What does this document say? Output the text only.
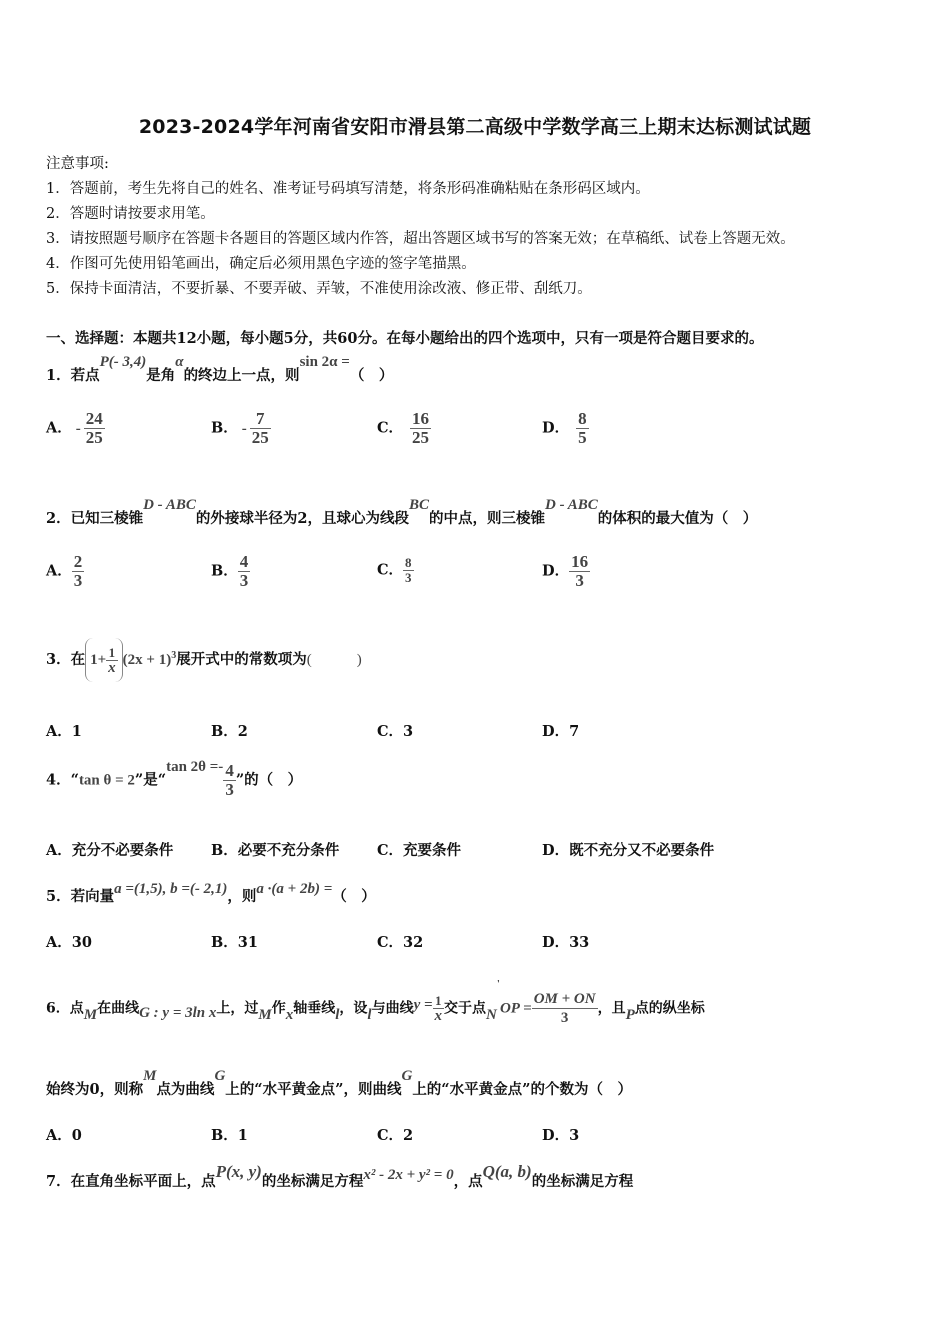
2023-2024学年河南省安阳市滑县第二高级中学数学高三上期末达标测试试题
注意事项:
1．答题前，考生先将自己的姓名、准考证号码填写清楚，将条形码准确粘贴在条形码区域内。
2．答题时请按要求用笔。
3．请按照题号顺序在答题卡各题目的答题区域内作答，超出答题区域书写的答案无效；在草稿纸、试卷上答题无效。
4．作图可先使用铅笔画出，确定后必须用黑色字迹的签字笔描黑。
5．保持卡面清洁，不要折暴、不要弄破、弄皱，不准使用涂改液、修正带、刮纸刀。
一、选择题：本题共12小题，每小题5分，共60分。在每小题给出的四个选项中，只有一项是符合题目要求的。
1．若点P(- 3,4)是角α的终边上一点，则sin 2α =（　）
A． - $\frac{24}{25}$	B． - $\frac{7}{25}$	C． $\frac{16}{25}$	D． $\frac{8}{5}$
2．已知三棱锥D - ABC的外接球半径为2，且球心为线段BC的中点，则三棱锥D - ABC的体积的最大值为（　）
A． $\frac{2}{3}$	B． $\frac{4}{3}$	C． $\frac{8}{3}$	D． $\frac{16}{3}$
3．在 $1+ \frac{1}{x} (2x + 1)^3$展开式中的常数项为(　　　)
A．1	B．2	C．3	D．7
4．“tan θ = 2”是“tan $2\theta =- \frac{4}{3}$ ”的（　）
A．充分不必要条件	B．必要不充分条件	C．充要条件	D．既不充分又不必要条件
5．若向量a =(1,5), b =(- 2,1)，则a ·(a + 2b) =（　）
A．30	B．31	C．32	D．33
6．点M在曲线G : y = 3ln x上，过M作x轴垂线l，设l与曲线$y = \frac{1}{x}$ 交于点$N'OP = \frac{OM + ON}{3}$ ，且P点的纵坐标
始终为0，则称M点为曲线G上的“水平黄金点”，则曲线G上的“水平黄金点”的个数为（　）
A．0	B．1	C．2	D．3
7．在直角坐标平面上，点P(x, y)的坐标满足方程x² - 2x + y² = 0，点Q(a, b)的坐标满足方程
